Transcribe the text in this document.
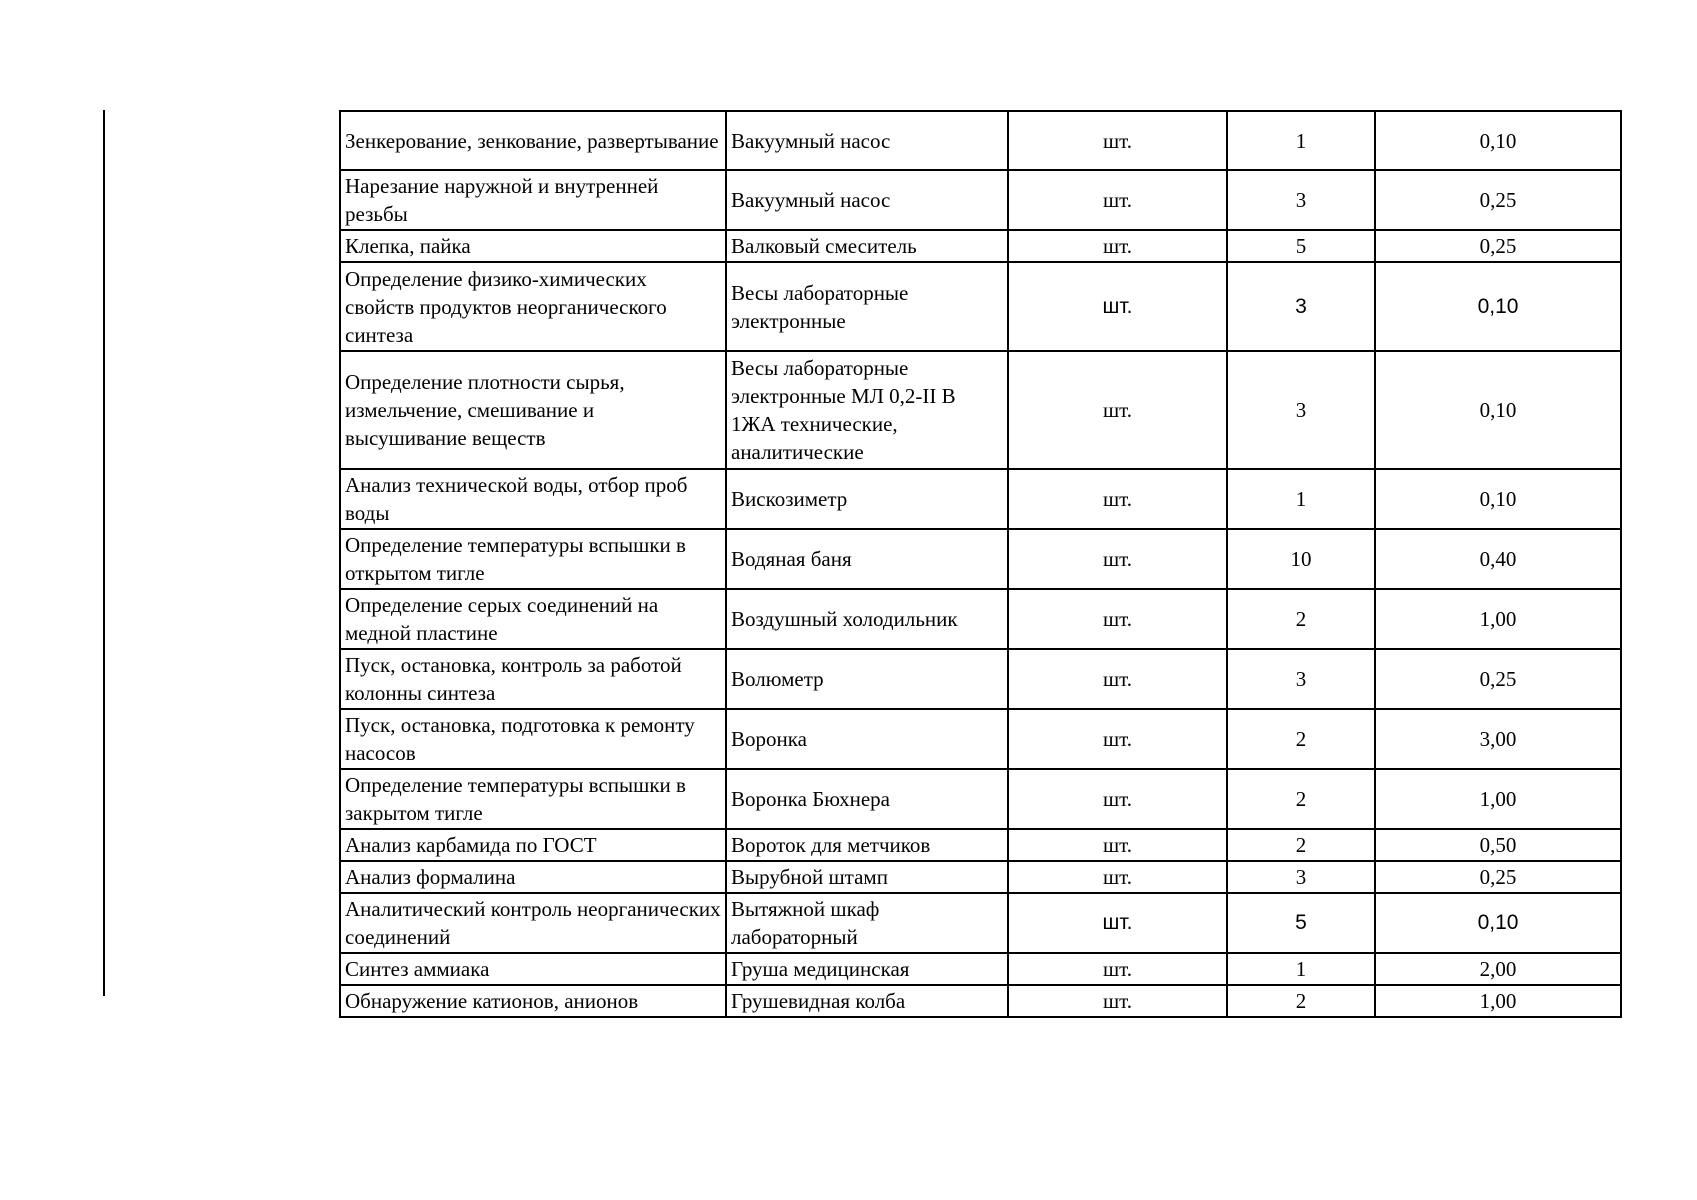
Зенкерование, зенкование, развертывание	Вакуумный насос	шт.	1	0,10
Нарезание наружной и внутренней резьбы	Вакуумный насос	шт.	3	0,25
Клепка, пайка	Валковый смеситель	шт.	5	0,25
Определение физико-химических свойств продуктов неорганического синтеза	Весы лабораторные электронные	шт.	3	0,10
Определение плотности сырья, измельчение, смешивание и высушивание веществ	Весы лабораторные электронные МЛ 0,2-II В 1ЖА технические, аналитические	шт.	3	0,10
Анализ технической воды, отбор проб воды	Вискозиметр	шт.	1	0,10
Определение температуры вспышки в открытом тигле	Водяная баня	шт.	10	0,40
Определение серых соединений на медной пластине	Воздушный холодильник	шт.	2	1,00
Пуск, остановка, контроль за работой колонны синтеза	Волюметр	шт.	3	0,25
Пуск, остановка, подготовка к ремонту насосов	Воронка	шт.	2	3,00
Определение температуры вспышки в закрытом тигле	Воронка Бюхнера	шт.	2	1,00
Анализ карбамида по ГОСТ	Вороток для метчиков	шт.	2	0,50
Анализ формалина	Вырубной штамп	шт.	3	0,25
Аналитический контроль неорганических соединений	Вытяжной шкаф лабораторный	шт.	5	0,10
Синтез аммиака	Груша медицинская	шт.	1	2,00
Обнаружение катионов, анионов	Грушевидная колба	шт.	2	1,00
